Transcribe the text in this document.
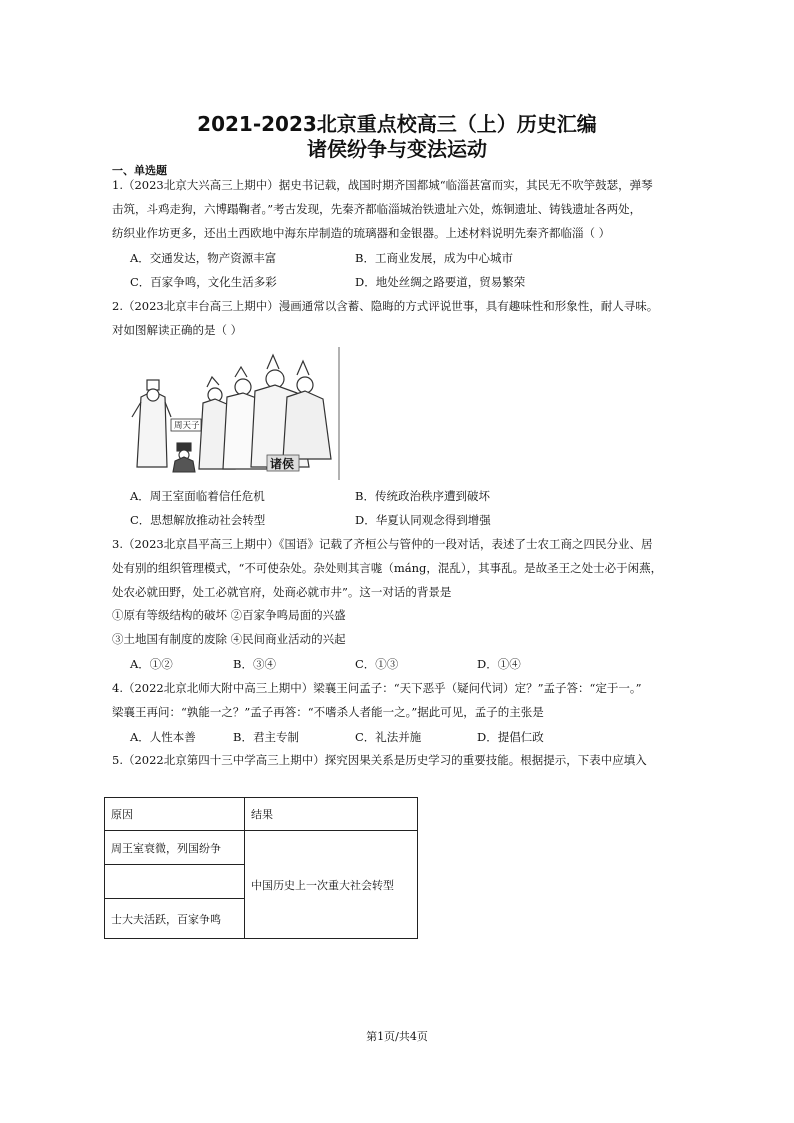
2021-2023北京重点校高三（上）历史汇编
诸侯纷争与变法运动
一、单选题
1.（2023北京大兴高三上期中）据史书记载，战国时期齐国都城“临淄甚富而实，其民无不吹竽鼓瑟，弹琴
击筑，斗鸡走狗，六博蹋鞠者。”考古发现，先秦齐都临淄城治铁遗址六处，炼铜遗址、铸钱遗址各两处，
纺织业作坊更多，还出土西欧地中海东岸制造的琉璃器和金银器。上述材料说明先秦齐都临淄（ ）
A．交通发达，物产资源丰富	B．工商业发展，成为中心城市
C．百家争鸣，文化生活多彩	D．地处丝绸之路要道，贸易繁荣
2.（2023北京丰台高三上期中）漫画通常以含蓄、隐晦的方式评说世事，具有趣味性和形象性，耐人寻味。
对如图解读正确的是（ ）
周天子
诸侯
A．周王室面临着信任危机	B．传统政治秩序遭到破坏
C．思想解放推动社会转型	D．华夏认同观念得到增强
3.（2023北京昌平高三上期中）《国语》记载了齐桓公与管仲的一段对话，表述了士农工商之四民分业、居
处有别的组织管理模式，“不可使杂处。杂处则其言哤（máng，混乱），其事乱。是故圣王之处士必于闲燕，
处农必就田野，处工必就官府，处商必就市井”。这一对话的背景是
①原有等级结构的破坏 ②百家争鸣局面的兴盛
③土地国有制度的废除 ④民间商业活动的兴起
A．①②	B．③④	C．①③	D．①④
4.（2022北京北师大附中高三上期中）梁襄王问孟子：“天下恶乎（疑问代词）定？”孟子答：“定于一。”
梁襄王再问：“孰能一之？”孟子再答：“不嗜杀人者能一之。”据此可见，孟子的主张是
A．人性本善	B．君主专制	C．礼法并施	D．提倡仁政
5.（2022北京第四十三中学高三上期中）探究因果关系是历史学习的重要技能。根据提示，下表中应填入
原因	结果
周王室衰微，列国纷争	中国历史上一次重大社会转型

士大夫活跃，百家争鸣	
第1页/共4页
